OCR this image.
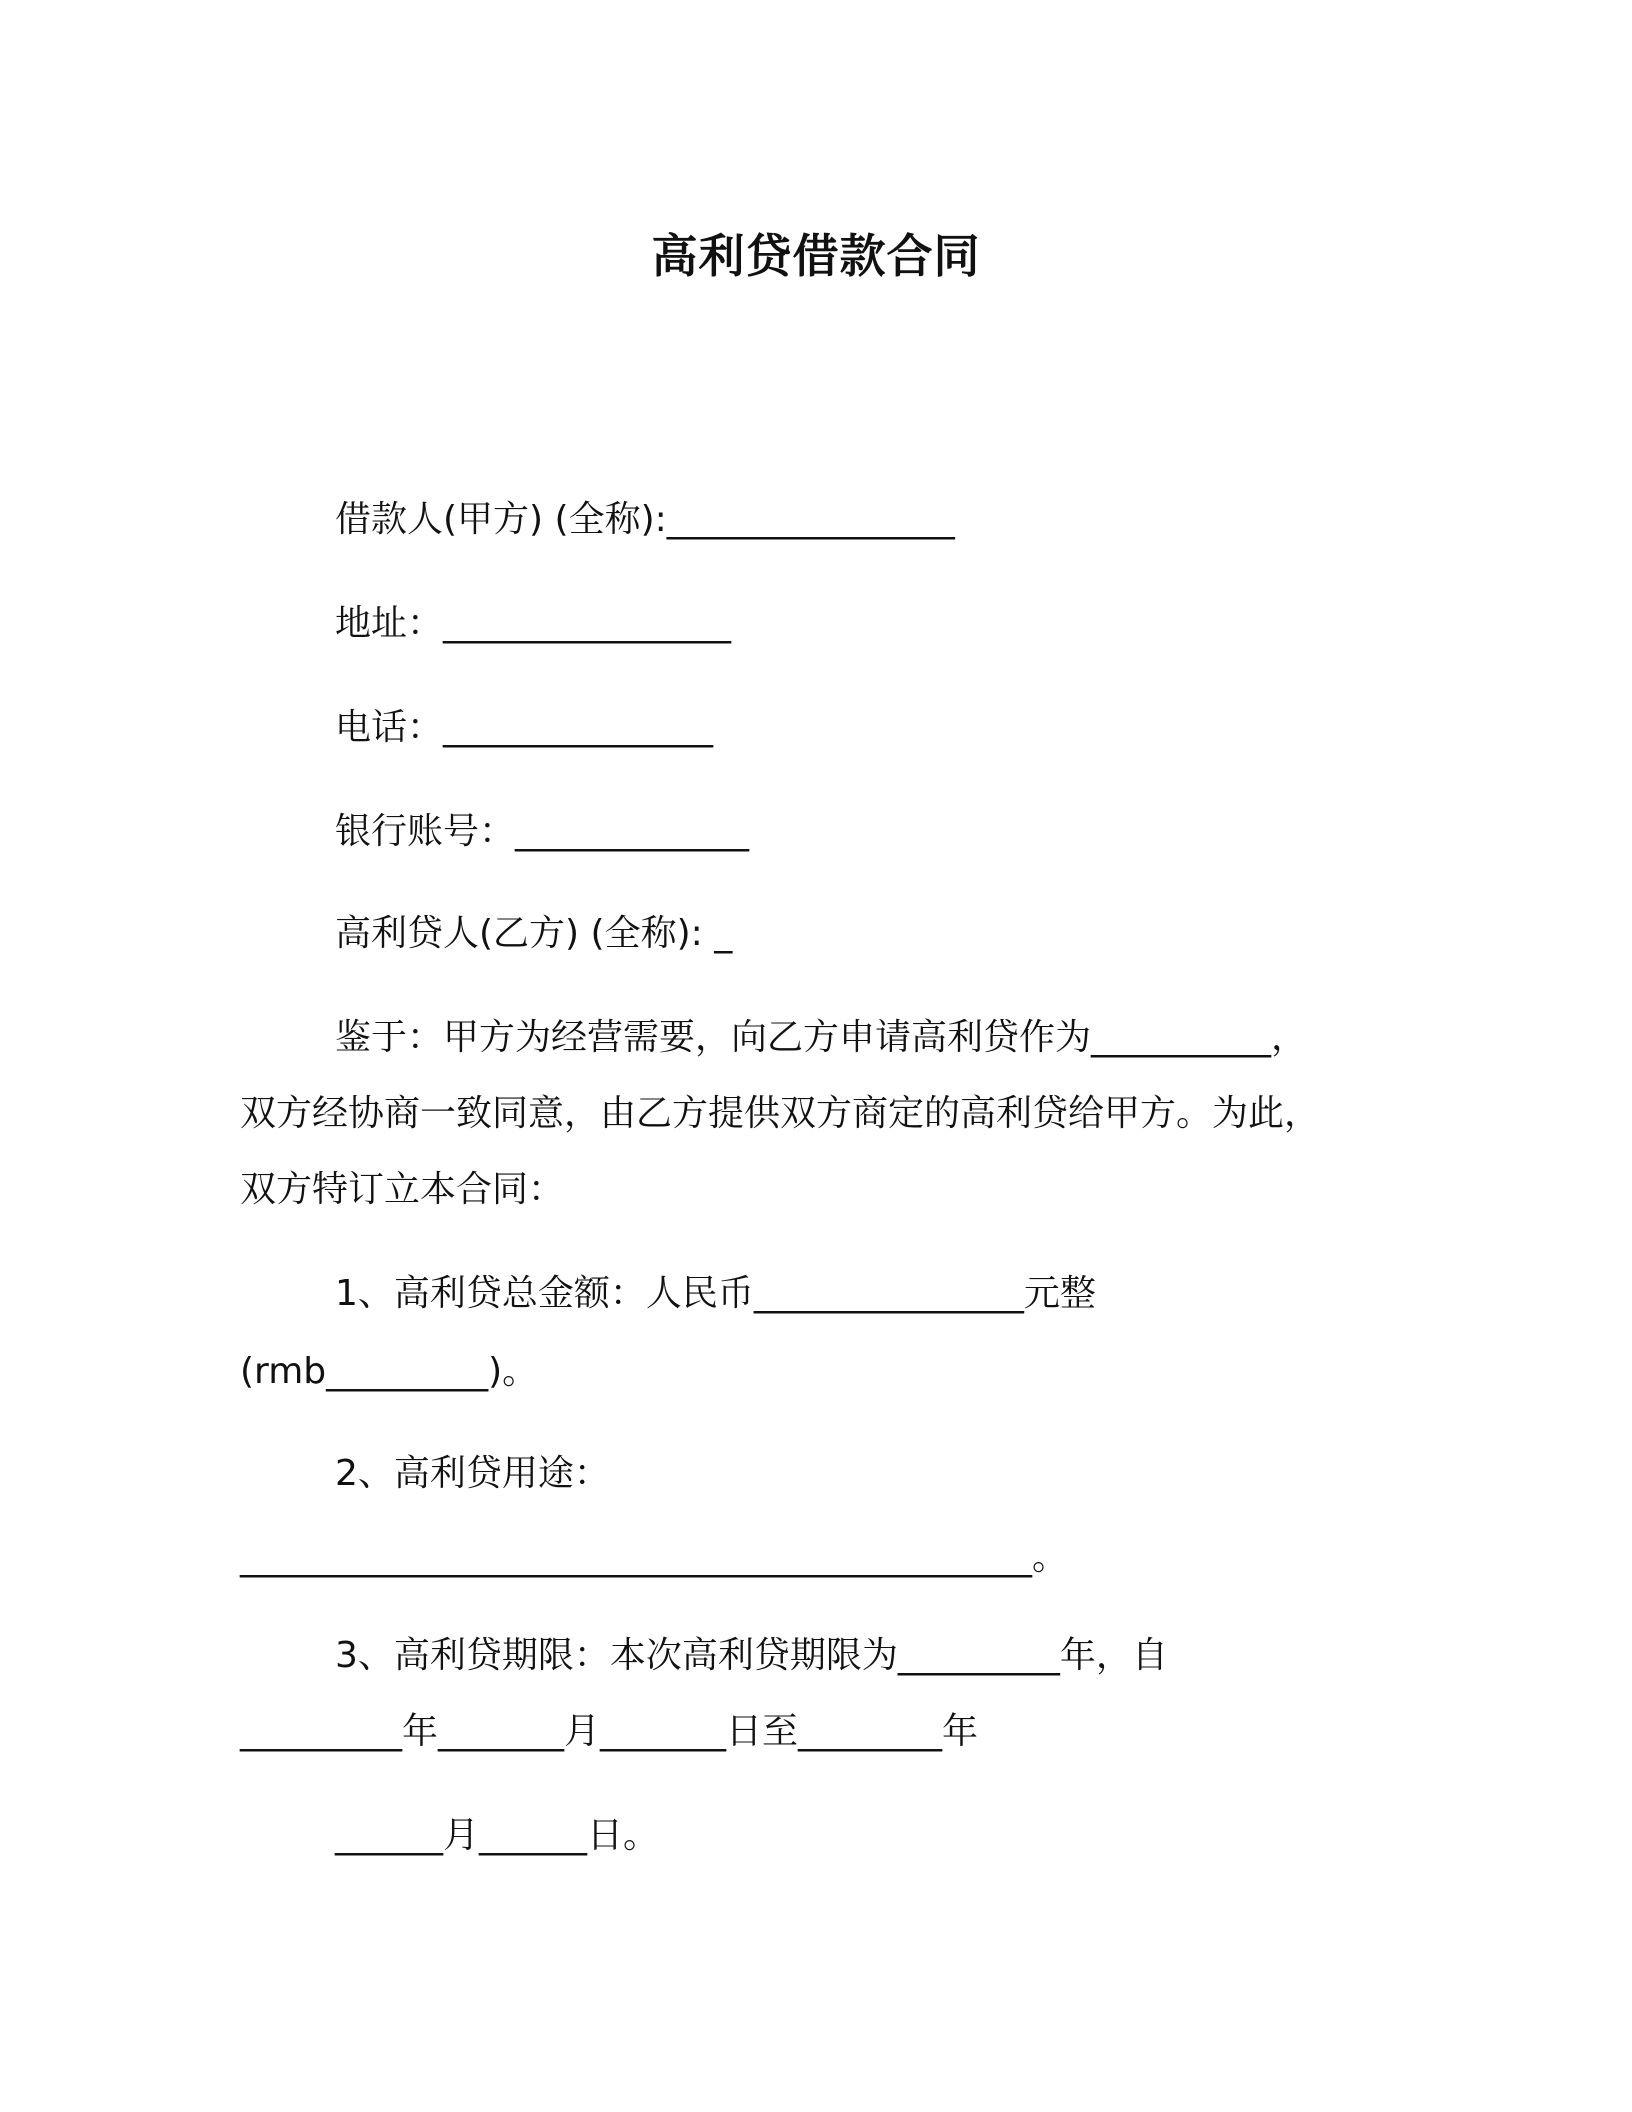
高利贷借款合同
借款人(甲方) (全称):________________
地址：________________
电话：_______________
银行账号：_____________
高利贷人(乙方) (全称): _
鉴于：甲方为经营需要，向乙方申请高利贷作为__________，
双方经协商一致同意，由乙方提供双方商定的高利贷给甲方。为此，
双方特订立本合同：
1、高利贷总金额：人民币_______________元整
(rmb_________)。
2、高利贷用途：
____________________________________________。
3、高利贷期限：本次高利贷期限为_________年，自
_________年_______月_______日至________年
______月______日。
